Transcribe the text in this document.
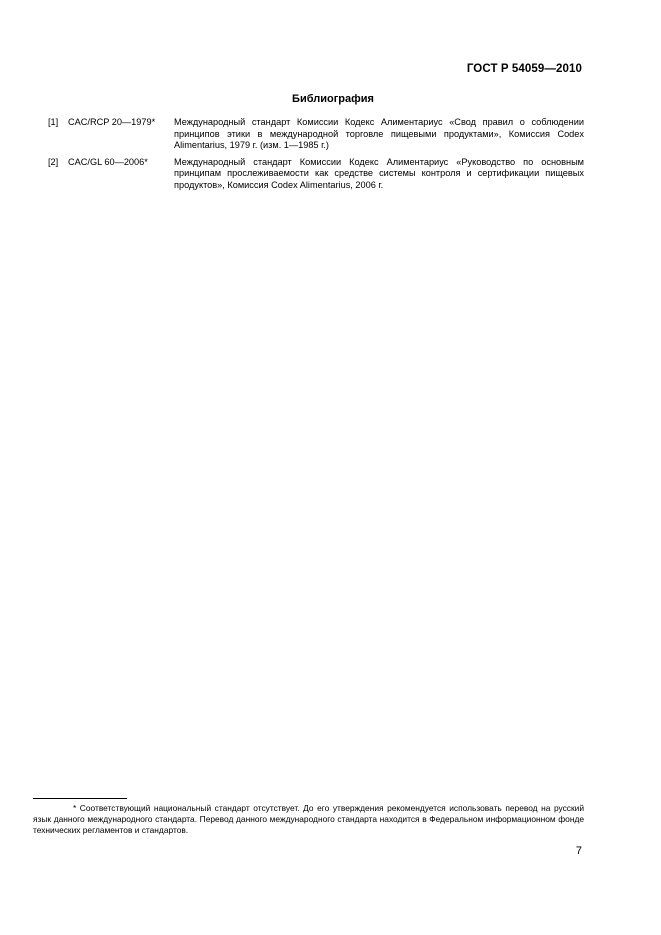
ГОСТ Р 54059—2010
Библиография
[1]	CAC/RCP 20—1979*	Международный стандарт Комиссии Кодекс Алиментариус «Свод правил о соблюдении принципов этики в международной торговле пищевыми продуктами», Комиссия Codex Alimentarius, 1979 г. (изм. 1—1985 г.)
[2]	CAC/GL 60—2006*	Международный стандарт Комиссии Кодекс Алиментариус «Руководство по основным принципам прослеживаемости как средстве системы контроля и сертификации пищевых продуктов», Комиссия Codex Alimentarius, 2006 г.
* Соответствующий национальный стандарт отсутствует. До его утверждения рекомендуется использовать перевод на русский язык данного международного стандарта. Перевод данного международного стандарта находится в Федеральном информационном фонде технических регламентов и стандартов.
7
